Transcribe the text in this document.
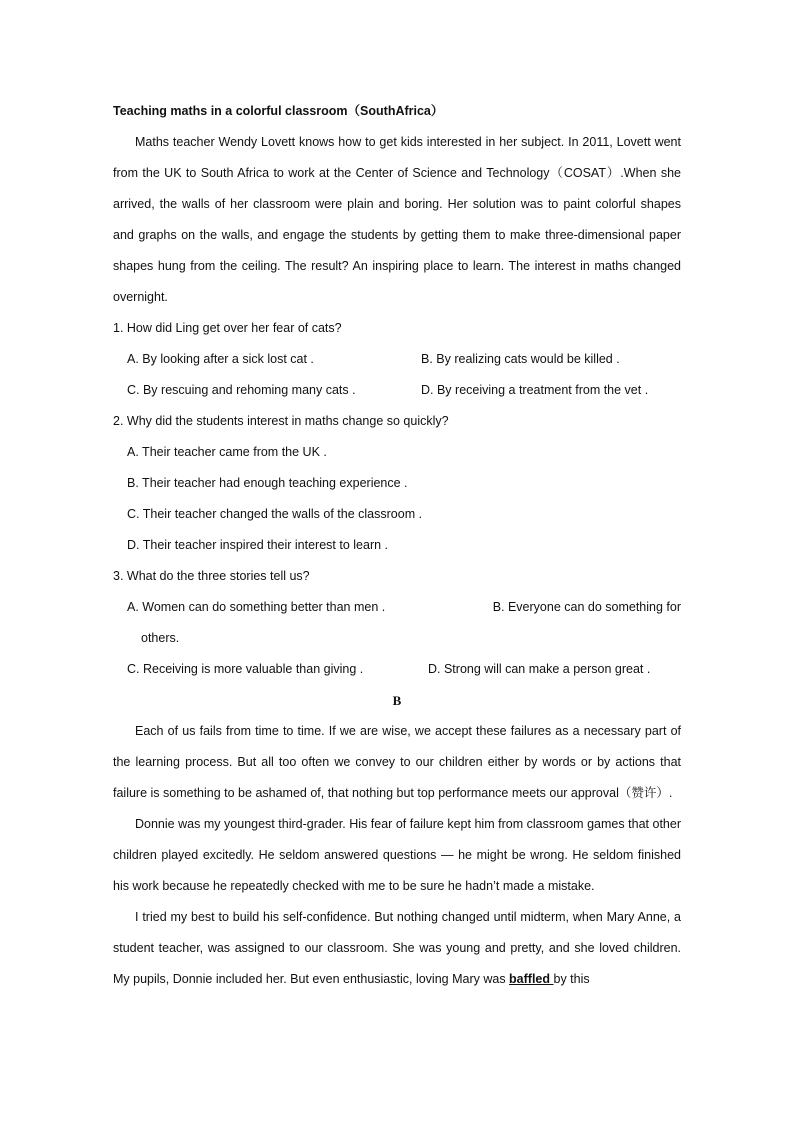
Teaching maths in a colorful classroom（SouthAfrica）
Maths teacher Wendy Lovett knows how to get kids interested in her subject. In 2011, Lovett went from the UK to South Africa to work at the Center of Science and Technology（COSAT）.When she arrived, the walls of her classroom were plain and boring. Her solution was to paint colorful shapes and graphs on the walls, and engage the students by getting them to make three-dimensional paper shapes hung from the ceiling. The result? An inspiring place to learn. The interest in maths changed overnight.
1. How did Ling get over her fear of cats?
A. By looking after a sick lost cat .	B. By realizing cats would be killed .
C. By rescuing and rehoming many cats .	D. By receiving a treatment from the vet .
2. Why did the students interest in maths change so quickly?
A. Their teacher came from the UK .
B. Their teacher had enough teaching experience .
C. Their teacher changed the walls of the classroom .
D. Their teacher inspired their interest to learn .
3. What do the three stories tell us?
A. Women can do something better than men .	B. Everyone can do something for
others.
C. Receiving is more valuable than giving .	D. Strong will can make a person great .
B
Each of us fails from time to time. If we are wise, we accept these failures as a necessary part of the learning process. But all too often we convey to our children either by words or by actions that failure is something to be ashamed of, that nothing but top performance meets our approval（赞许）.
Donnie was my youngest third-grader. His fear of failure kept him from classroom games that other children played excitedly. He seldom answered questions — he might be wrong. He seldom finished his work because he repeatedly checked with me to be sure he hadn’t made a mistake.
I tried my best to build his self-confidence. But nothing changed until midterm, when Mary Anne, a student teacher, was assigned to our classroom. She was young and pretty, and she loved children. My pupils, Donnie included her. But even enthusiastic, loving Mary was baffled by this
